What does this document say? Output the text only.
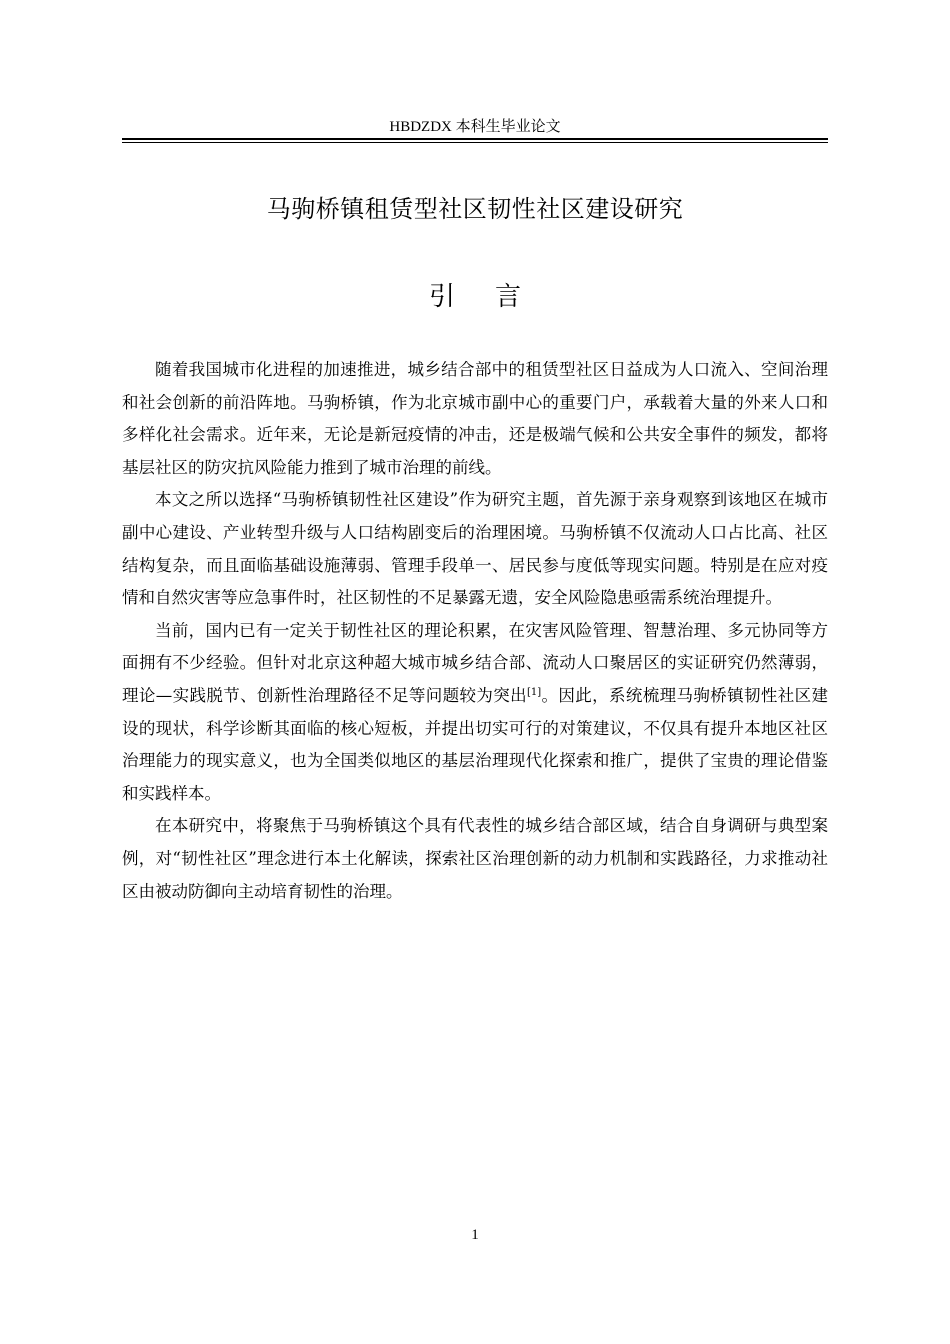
HBDZDX 本科生毕业论文
马驹桥镇租赁型社区韧性社区建设研究
引言

随着我国城市化进程的加速推进，城乡结合部中的租赁型社区日益成为人口流入、空间治理和社会创新的前沿阵地。马驹桥镇，作为北京城市副中心的重要门户，承载着大量的外来人口和多样化社会需求。近年来，无论是新冠疫情的冲击，还是极端气候和公共安全事件的频发，都将基层社区的防灾抗风险能力推到了城市治理的前线。

本文之所以选择“马驹桥镇韧性社区建设”作为研究主题，首先源于亲身观察到该地区在城市副中心建设、产业转型升级与人口结构剧变后的治理困境。马驹桥镇不仅流动人口占比高、社区结构复杂，而且面临基础设施薄弱、管理手段单一、居民参与度低等现实问题。特别是在应对疫情和自然灾害等应急事件时，社区韧性的不足暴露无遗，安全风险隐患亟需系统治理提升。

当前，国内已有一定关于韧性社区的理论积累，在灾害风险管理、智慧治理、多元协同等方面拥有不少经验。但针对北京这种超大城市城乡结合部、流动人口聚居区的实证研究仍然薄弱，理论—实践脱节、创新性治理路径不足等问题较为突出[1]。因此，系统梳理马驹桥镇韧性社区建设的现状，科学诊断其面临的核心短板，并提出切实可行的对策建议，不仅具有提升本地区社区治理能力的现实意义，也为全国类似地区的基层治理现代化探索和推广，提供了宝贵的理论借鉴和实践样本。

在本研究中，将聚焦于马驹桥镇这个具有代表性的城乡结合部区域，结合自身调研与典型案例，对“韧性社区”理念进行本土化解读，探索社区治理创新的动力机制和实践路径，力求推动社区由被动防御向主动培育韧性的治理。

1
